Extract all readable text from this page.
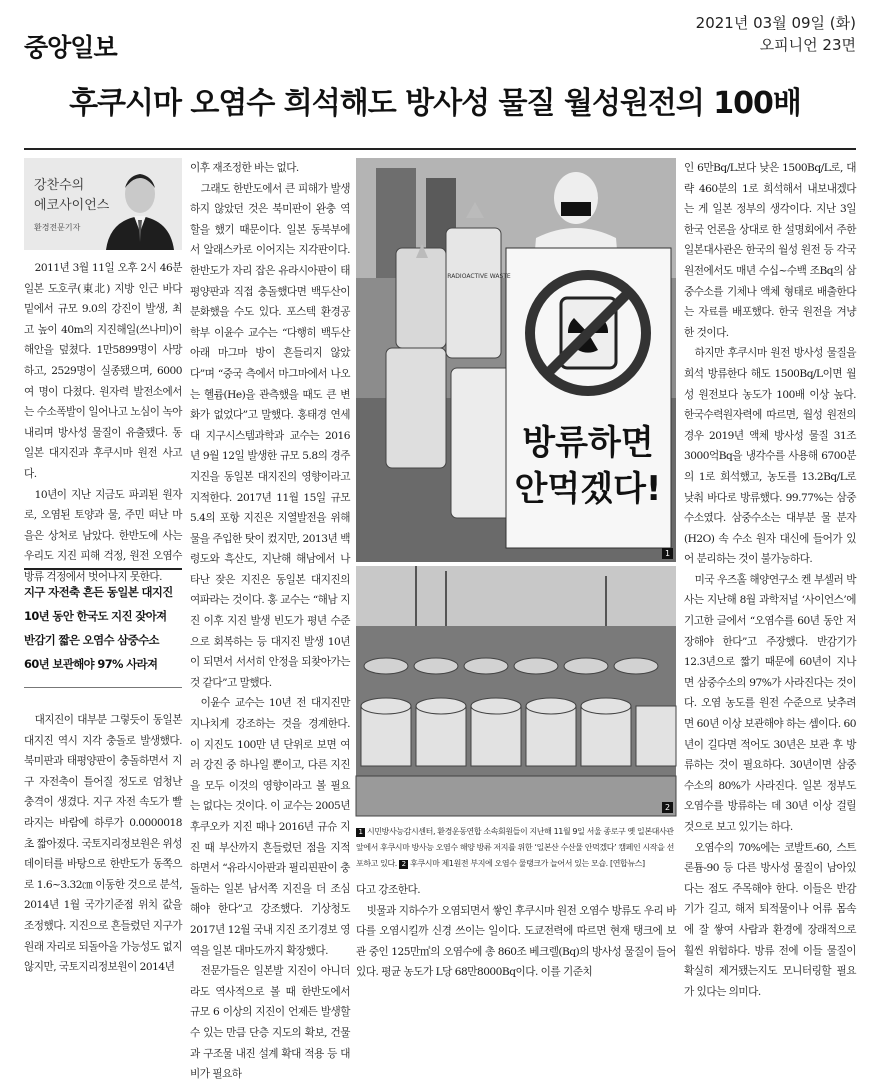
중앙일보
2021년 03월 09일 (화)
오피니언 23면
후쿠시마 오염수 희석해도 방사성 물질 월성원전의 100배
강찬수의
에코사이언스
환경전문기자

2011년 3월 11일 오후 2시 46분 일본 도호쿠(東北) 지방 인근 바다 밑에서 규모 9.0의 강진이 발생, 최고 높이 40m의 지진해일(쓰나미)이 해안을 덮쳤다. 1만5899명이 사망하고, 2529명이 실종됐으며, 6000여 명이 다쳤다. 원자력 발전소에서는 수소폭발이 일어나고 노심이 녹아내리며 방사성 물질이 유출됐다. 동일본 대지진과 후쿠시마 원전 사고다.

10년이 지난 지금도 파괴된 원자로, 오염된 토양과 물, 주민 떠난 마을은 상처로 남았다. 한반도에 사는 우리도 지진 피해 걱정, 원전 오염수 방류 걱정에서 벗어나지 못한다.

지구 자전축 흔든 동일본 대지진

10년 동안 한국도 지진 잦아져

반감기 짧은 오염수 삼중수소

60년 보관해야 97% 사라져

대지진이 대부분 그렇듯이 동일본 대지진 역시 지각 충돌로 발생했다. 북미판과 태평양판이 충돌하면서 지구 자전축이 틀어질 정도로 엄청난 충격이 생겼다. 지구 자전 속도가 빨라지는 바람에 하루가 0.0000018초 짧아졌다. 국토지리정보원은 위성 데이터를 바탕으로 한반도가 동쪽으로 1.6~3.32㎝ 이동한 것으로 분석, 2014년 1월 국가기준점 위치 값을 조정했다. 지진으로 흔들렸던 지구가 원래 자리로 되돌아올 가능성도 없지 않지만, 국토지리정보원이 2014년

이후 재조정한 바는 없다.

그래도 한반도에서 큰 피해가 발생하지 않았던 것은 북미판이 완충 역할을 했기 때문이다. 일본 동북부에서 알래스카로 이어지는 지각판이다. 한반도가 자리 잡은 유라시아판이 태평양판과 직접 충돌했다면 백두산이 분화했을 수도 있다. 포스텍 환경공학부 이윤수 교수는 “다행히 백두산 아래 마그마 방이 흔들리지 않았다”며 “중국 측에서 마그마에서 나오는 헬륨(He)을 관측했을 때도 큰 변화가 없었다”고 말했다. 홍태경 연세대 지구시스템과학과 교수는 2016년 9월 12일 발생한 규모 5.8의 경주 지진을 동일본 대지진의 영향이라고 지적한다. 2017년 11월 15일 규모 5.4의 포항 지진은 지열발전을 위해 물을 주입한 탓이 컸지만, 2013년 백령도와 흑산도, 지난해 해남에서 나타난 잦은 지진은 동일본 대지진의 여파라는 것이다. 홍 교수는 “해남 지진 이후 지진 발생 빈도가 평년 수준으로 회복하는 등 대지진 발생 10년이 되면서 서서히 안정을 되찾아가는 것 같다”고 말했다.

이윤수 교수는 10년 전 대지진만 지나치게 강조하는 것을 경계한다. 이 지진도 100만 년 단위로 보면 여러 강진 중 하나일 뿐이고, 다른 지진을 모두 이것의 영향이라고 볼 필요는 없다는 것이다. 이 교수는 2005년 후쿠오카 지진 때나 2016년 규슈 지진 때 부산까지 흔들렸던 점을 지적하면서 “유라시아판과 필리핀판이 충돌하는 일본 남서쪽 지진을 더 조심해야 한다”고 강조했다. 기상청도 2017년 12월 국내 지진 조기경보 영역을 일본 대마도까지 확장했다.

전문가들은 일본발 지진이 아니더라도 역사적으로 볼 때 한반도에서 규모 6 이상의 지진이 언제든 발생할 수 있는 만큼 단층 지도의 확보, 건물과 구조물 내진 설계 확대 적용 등 대비가 필요하

방류하면
안먹겠다!
RADIOACTIVE WASTE
1
2
1 시민방사능감시센터, 환경운동연합 소속회원들이 지난해 11월 9일 서울 종로구 옛 일본대사관 앞에서 후쿠시마 방사능 오염수 해양 방류 저지를 위한 ‘일본산 수산물 안먹겠다’ 캠페인 시작을 선포하고 있다. 2 후쿠시마 제1원전 부지에 오염수 물탱크가 늘어서 있는 모습. [연합뉴스]

다고 강조한다.

빗물과 지하수가 오염되면서 쌓인 후쿠시마 원전 오염수 방류도 우리 바다를 오염시킬까 신경 쓰이는 일이다. 도쿄전력에 따르면 현재 탱크에 보관 중인 125만㎥의 오염수에 총 860조 베크렐(Bq)의 방사성 물질이 들어있다. 평균 농도가 L당 68만8000Bq이다. 이를 기준치

인 6만Bq/L보다 낮은 1500Bq/L로, 대략 460분의 1로 희석해서 내보내겠다는 게 일본 정부의 생각이다. 지난 3일 한국 언론을 상대로 한 설명회에서 주한 일본대사관은 한국의 월성 원전 등 각국 원전에서도 매년 수십~수백 조Bq의 삼중수소를 기체나 액체 형태로 배출한다는 자료를 배포했다. 한국 원전을 겨냥한 것이다.

하지만 후쿠시마 원전 방사성 물질을 희석 방류한다 해도 1500Bq/L이면 월성 원전보다 농도가 100배 이상 높다. 한국수력원자력에 따르면, 월성 원전의 경우 2019년 액체 방사성 물질 31조3000억Bq을 냉각수를 사용해 6700분의 1로 희석했고, 농도를 13.2Bq/L로 낮춰 바다로 방류했다. 99.77%는 삼중수소였다. 삼중수소는 대부분 물 분자(H2O) 속 수소 원자 대신에 들어가 있어 분리하는 것이 불가능하다.

미국 우즈홀 해양연구소 켄 부셀러 박사는 지난해 8월 과학저널 ‘사이언스’에 기고한 글에서 “오염수를 60년 동안 저장해야 한다”고 주장했다. 반감기가 12.3년으로 짧기 때문에 60년이 지나면 삼중수소의 97%가 사라진다는 것이다. 오염 농도를 원전 수준으로 낮추려면 60년 이상 보관해야 하는 셈이다. 60년이 길다면 적어도 30년은 보관 후 방류하는 것이 필요하다. 30년이면 삼중수소의 80%가 사라진다. 일본 정부도 오염수를 방류하는 데 30년 이상 걸릴 것으로 보고 있기는 하다.

오염수의 70%에는 코발트-60, 스트론튬-90 등 다른 방사성 물질이 남아있다는 점도 주목해야 한다. 이들은 반감기가 길고, 해저 퇴적물이나 어류 몸속에 잘 쌓여 사람과 환경에 장래적으로 훨씬 위험하다. 방류 전에 이들 물질이 확실히 제거됐는지도 모니터링할 필요가 있다는 의미다.
